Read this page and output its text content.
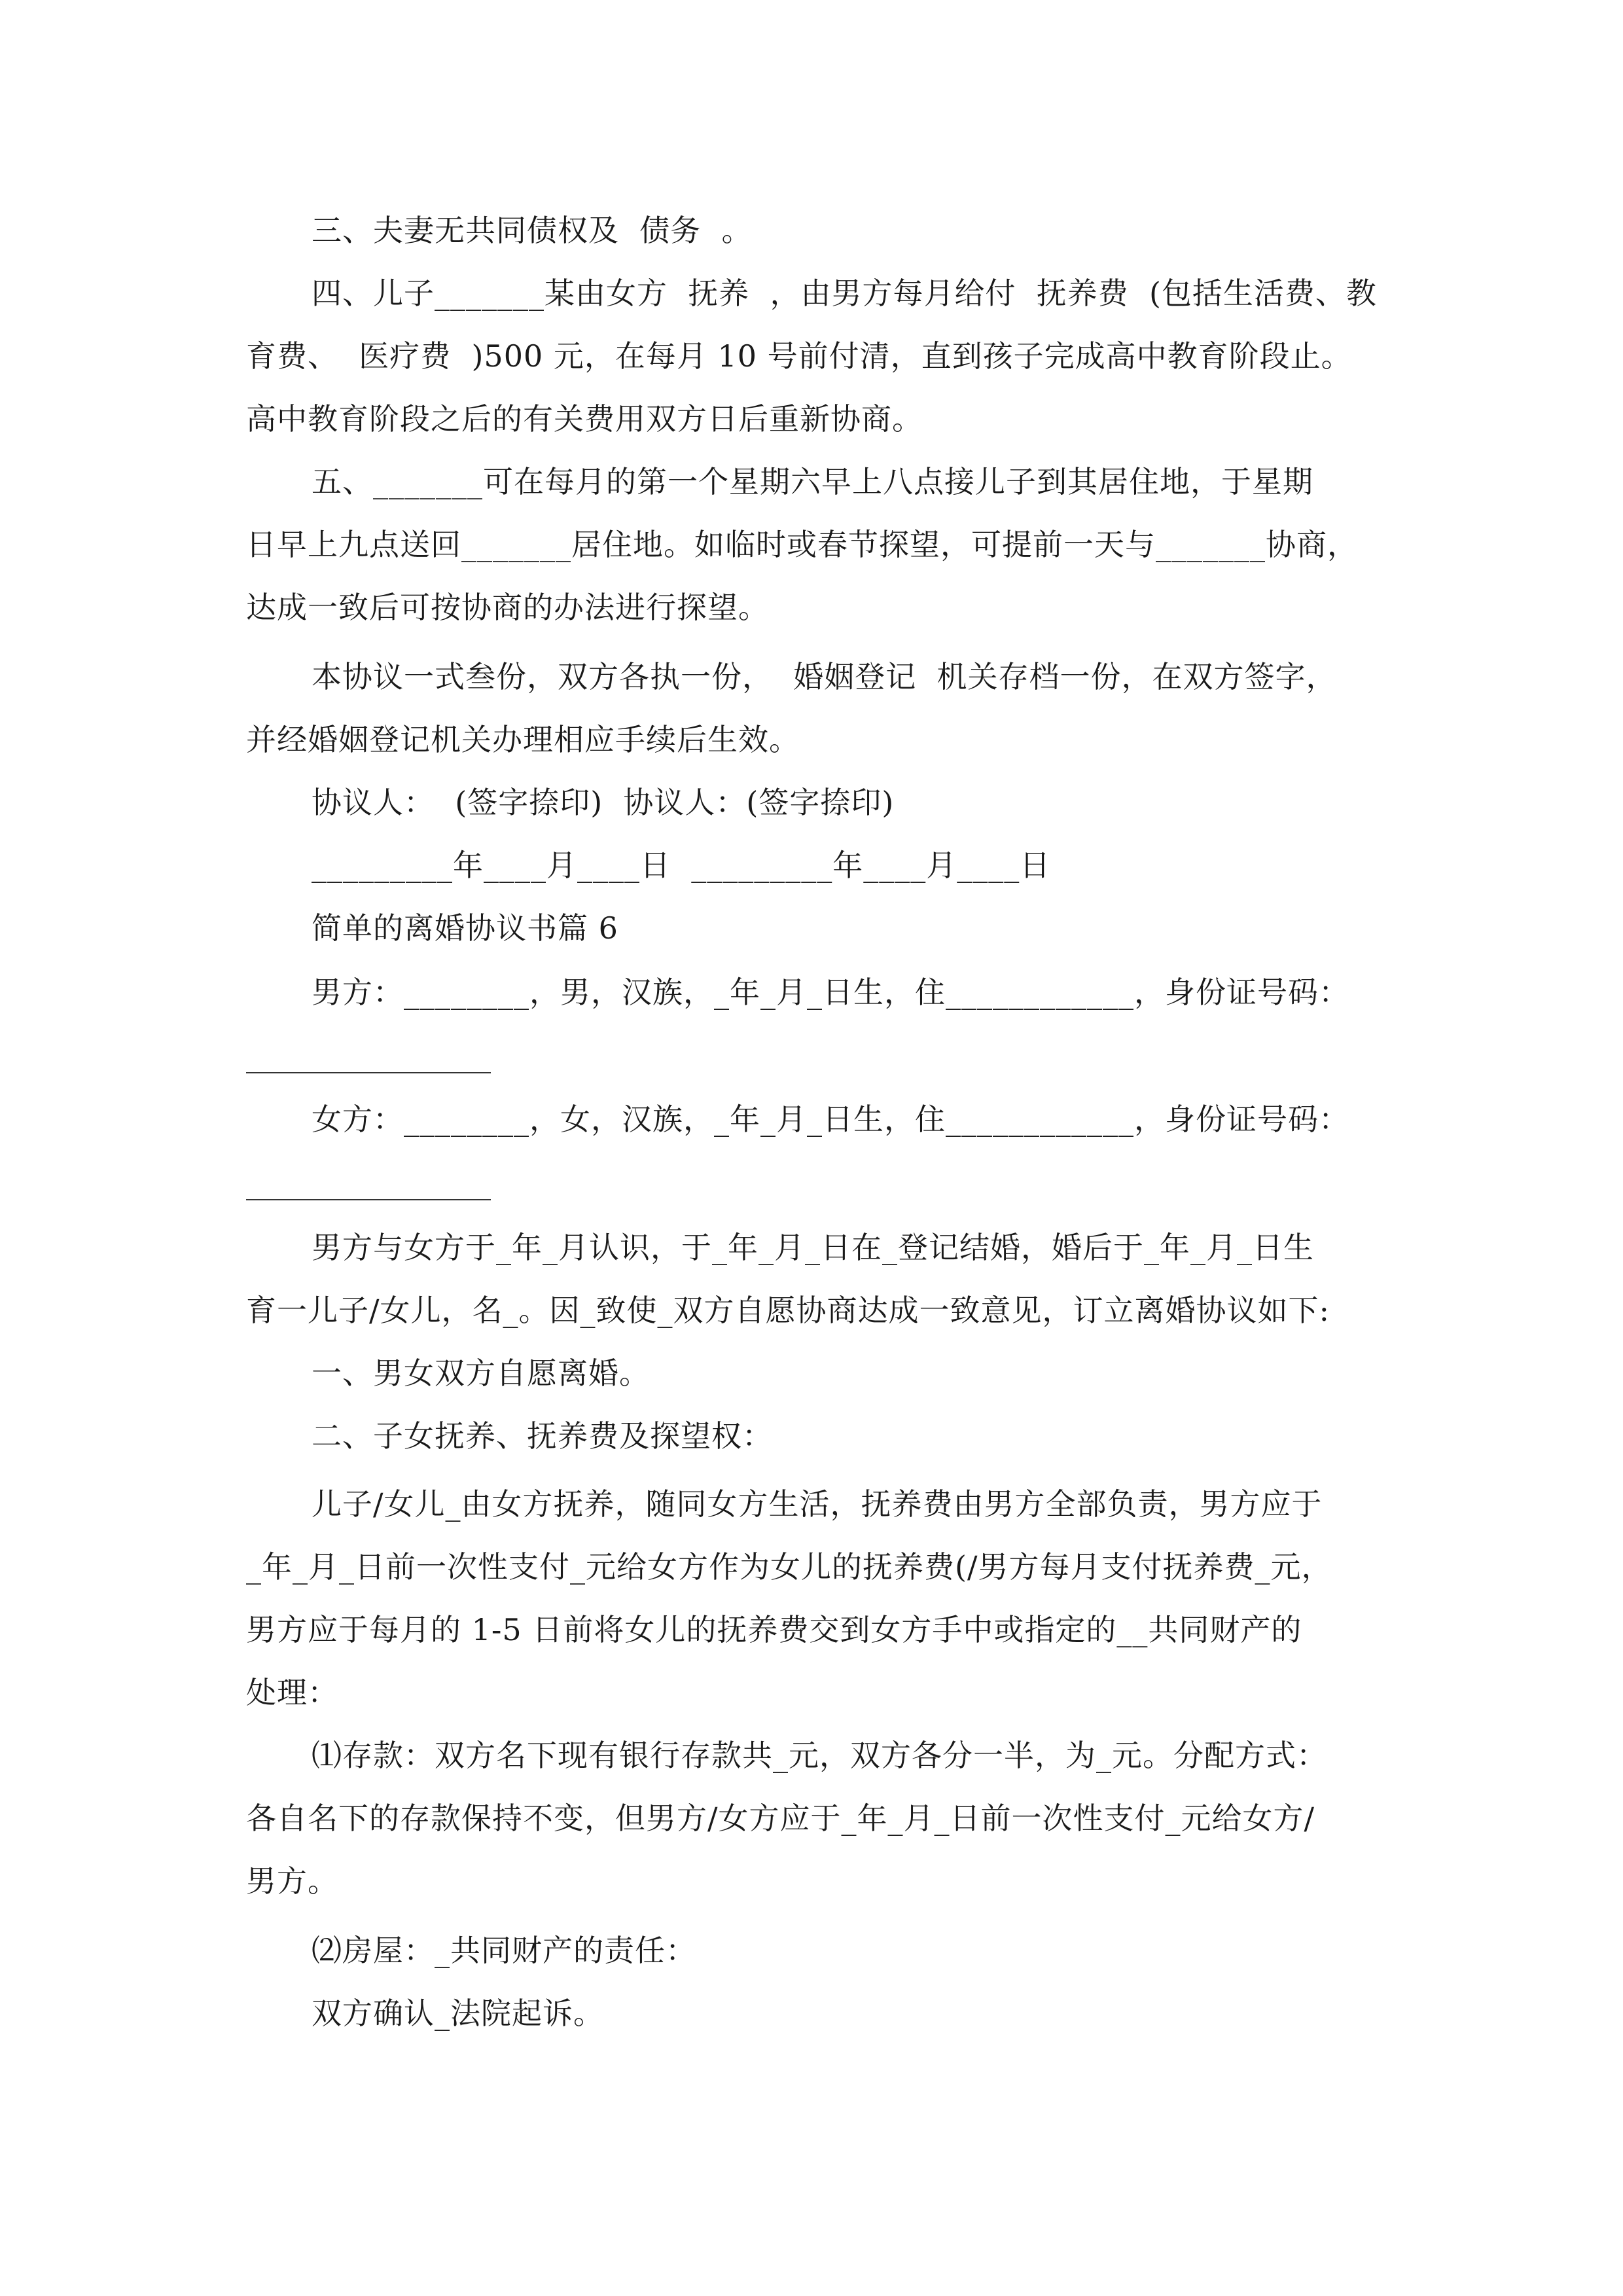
三、夫妻无共同债权及  债务  。
四、儿子_______某由女方  抚养  ，由男方每月给付  抚养费  (包括生活费、教
育费、  医疗费  )500 元，在每月 10 号前付清，直到孩子完成高中教育阶段止。
高中教育阶段之后的有关费用双方日后重新协商。
五、_______可在每月的第一个星期六早上八点接儿子到其居住地，于星期
日早上九点送回_______居住地。如临时或春节探望，可提前一天与_______协商，
达成一致后可按协商的办法进行探望。
本协议一式叁份，双方各执一份，  婚姻登记  机关存档一份，在双方签字，
并经婚姻登记机关办理相应手续后生效。
协议人：  (签字捺印)  协议人：(签字捺印)
_________年____月____日  _________年____月____日
简单的离婚协议书篇 6
男方：________，男，汉族，_年_月_日生，住____________，身份证号码：
女方：________，女，汉族，_年_月_日生，住____________，身份证号码：
男方与女方于_年_月认识，于_年_月_日在_登记结婚，婚后于_年_月_日生
育一儿子/女儿，名_。因_致使_双方自愿协商达成一致意见，订立离婚协议如下:
一、男女双方自愿离婚。
二、子女抚养、抚养费及探望权：
儿子/女儿_由女方抚养，随同女方生活，抚养费由男方全部负责，男方应于
_年_月_日前一次性支付_元给女方作为女儿的抚养费(/男方每月支付抚养费_元，
男方应于每月的 1-5 日前将女儿的抚养费交到女方手中或指定的__共同财产的
处理：
⑴存款：双方名下现有银行存款共_元，双方各分一半，为_元。分配方式：
各自名下的存款保持不变，但男方/女方应于_年_月_日前一次性支付_元给女方/
男方。
⑵房屋：_共同财产的责任：
双方确认_法院起诉。
